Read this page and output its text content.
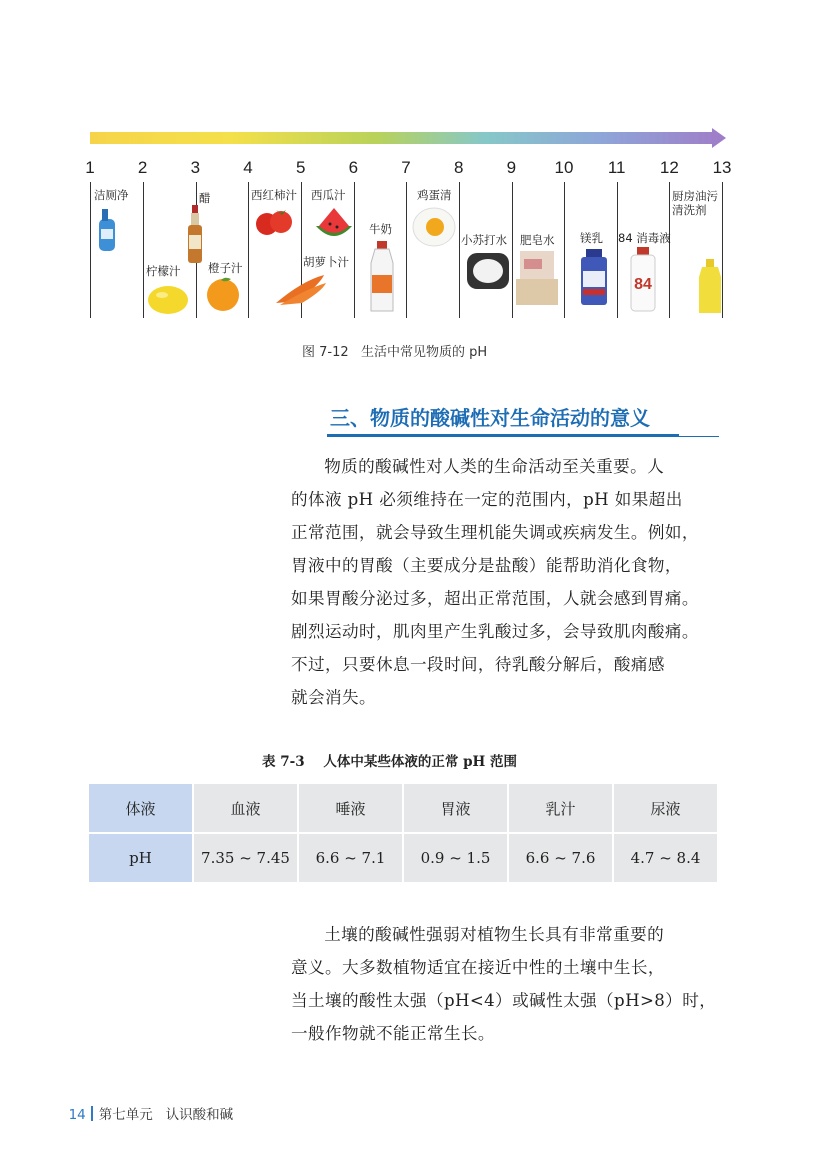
1	2	3	4	5	6	7	8	9	10	11	12	13
洁厕净
柠檬汁
醋
橙子汁
西红柿汁 西瓜汁
胡萝卜汁
牛奶
鸡蛋清
小苏打水 肥皂水 镁乳 84 消毒液
84
厨房油污
清洗剂
图 7-12   生活中常见物质的 pH
三、物质的酸碱性对生命活动的意义

物质的酸碱性对人类的生命活动至关重要。人

的体液 pH 必须维持在一定的范围内，pH 如果超出

正常范围，就会导致生理机能失调或疾病发生。例如，

胃液中的胃酸（主要成分是盐酸）能帮助消化食物，

如果胃酸分泌过多，超出正常范围，人就会感到胃痛。

剧烈运动时，肌肉里产生乳酸过多，会导致肌肉酸痛。

不过，只要休息一段时间，待乳酸分解后，酸痛感

就会消失。

表 7-3    人体中某些体液的正常 pH 范围
体液	血液	唾液	胃液	乳汁	尿液
pH	7.35 ~ 7.45	6.6 ~ 7.1	0.9 ~ 1.5	6.6 ~ 7.6	4.7 ~ 8.4

土壤的酸碱性强弱对植物生长具有非常重要的

意义。大多数植物适宜在接近中性的土壤中生长，

当土壤的酸性太强（pH<4）或碱性太强（pH>8）时，

一般作物就不能正常生长。

14 第七单元   认识酸和碱
